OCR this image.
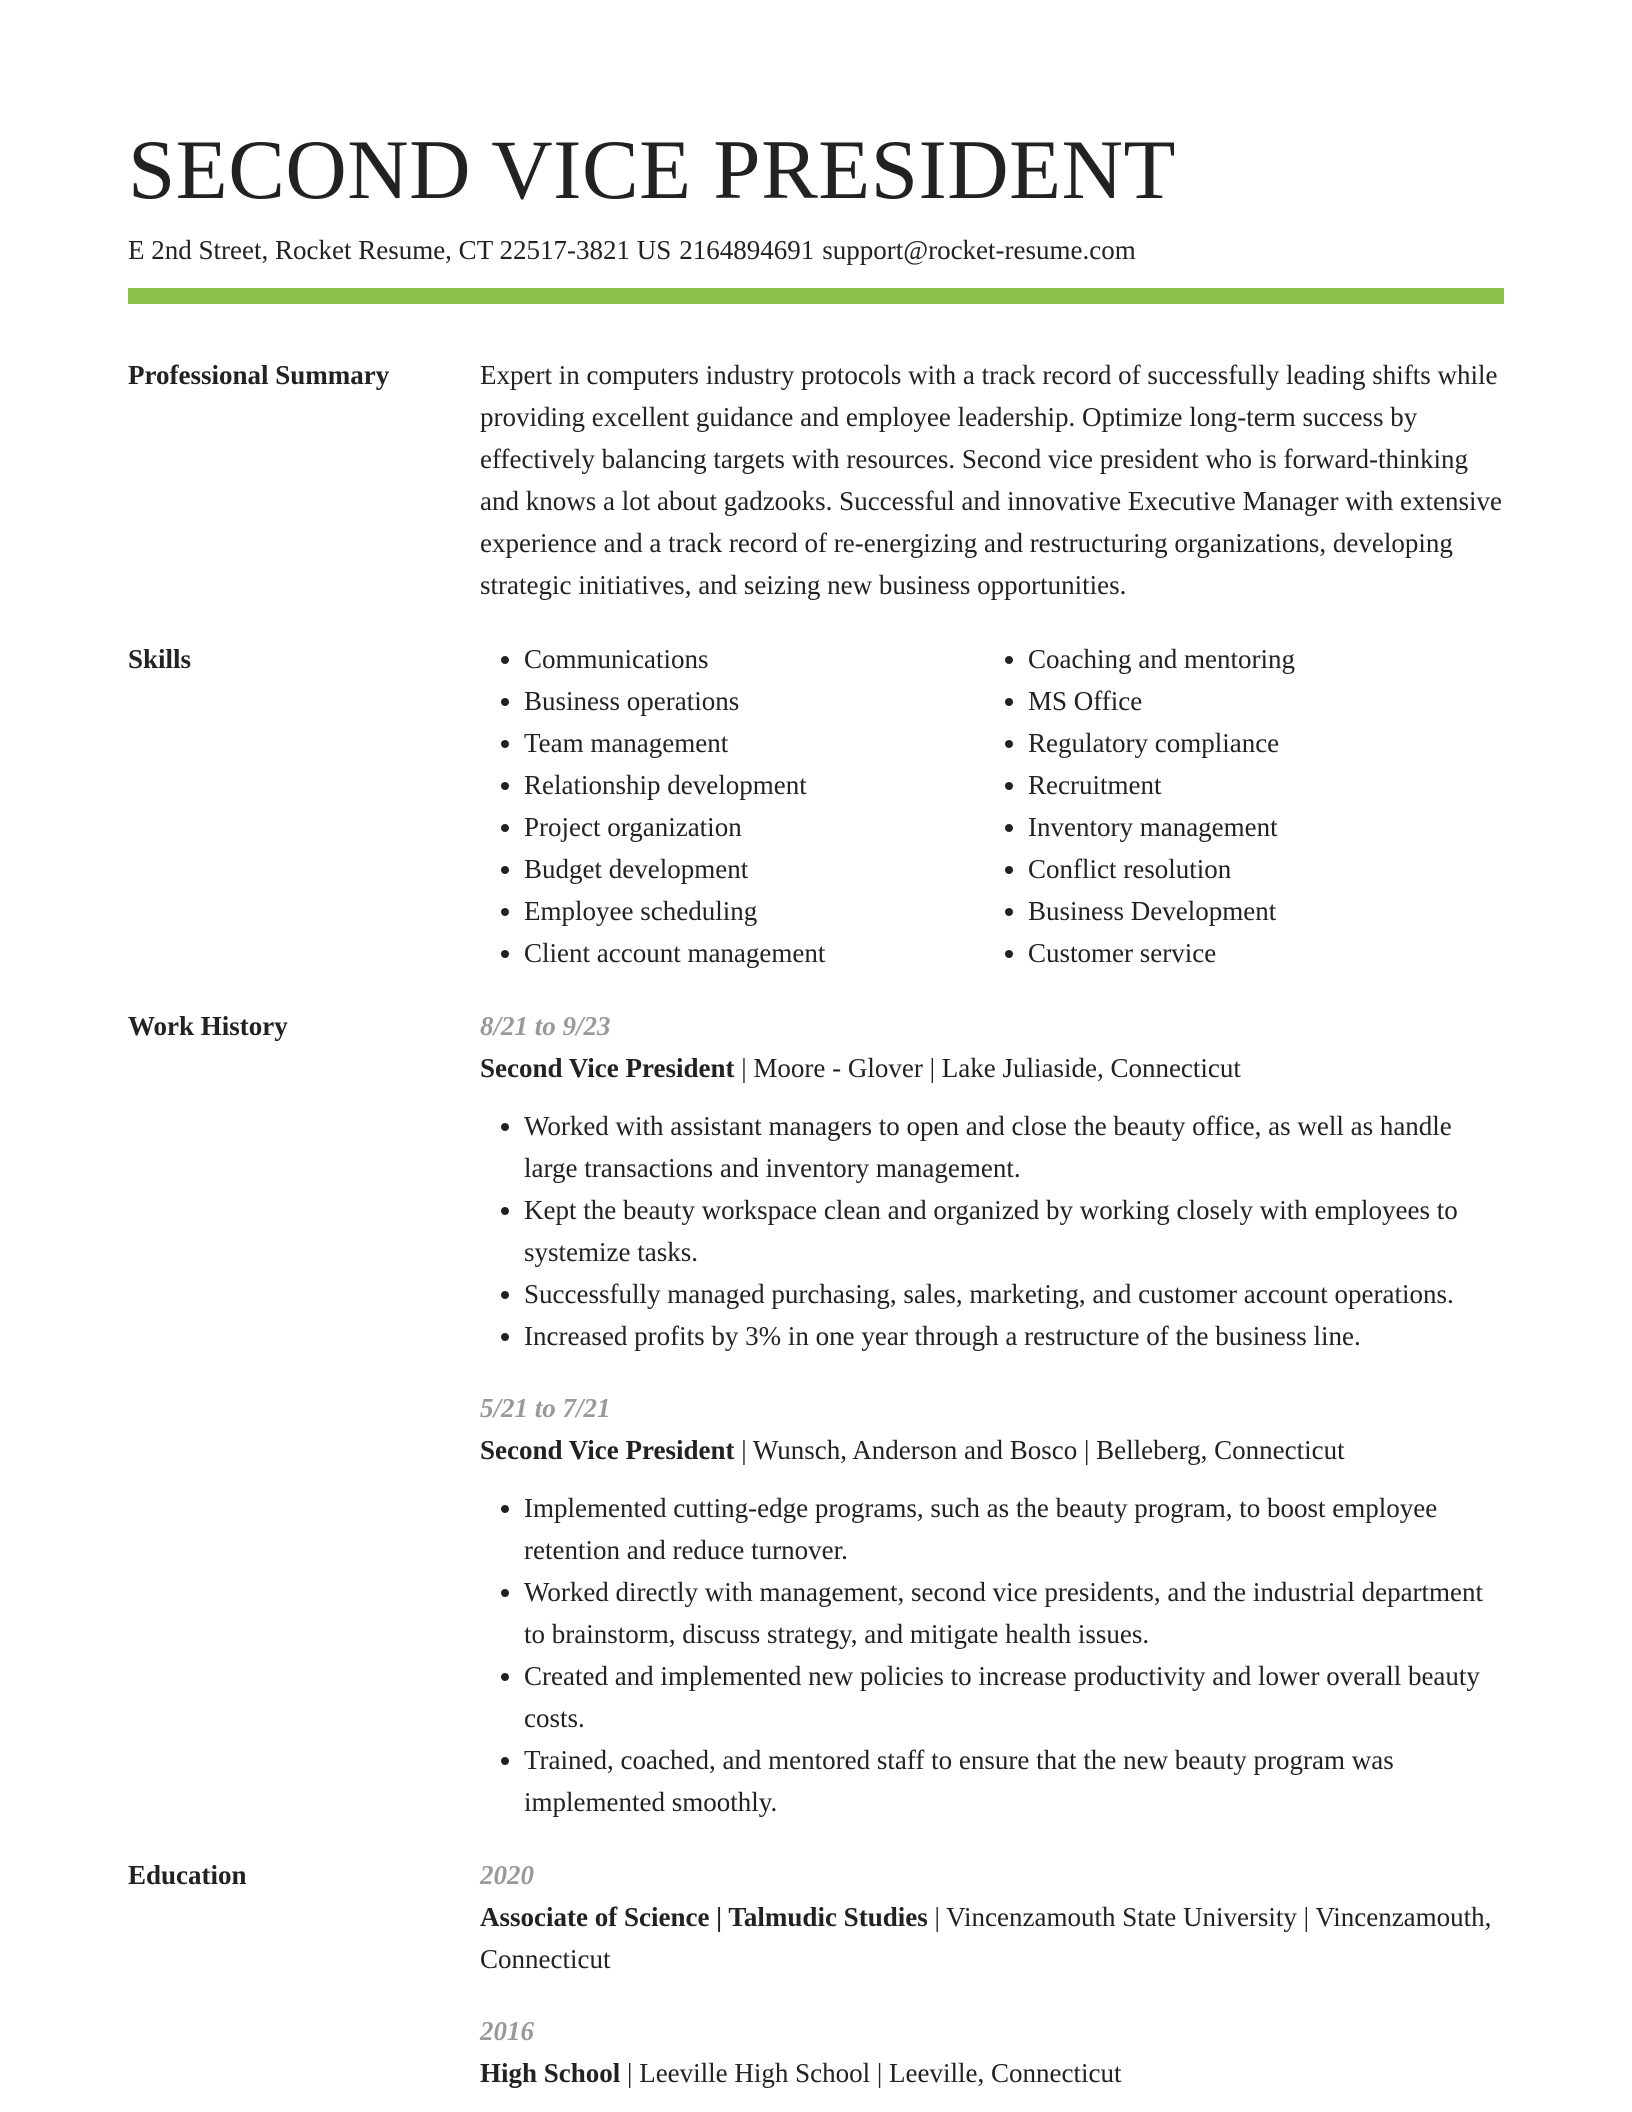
SECOND VICE PRESIDENT
E 2nd Street, Rocket Resume, CT 22517-3821 US 2164894691 support@rocket-resume.com
Professional Summary	Expert in computers industry protocols with a track record of successfully leading shifts while providing excellent guidance and employee leadership. Optimize long-term success by effectively balancing targets with resources. Second vice president who is forward-thinking and knows a lot about gadzooks. Successful and innovative Executive Manager with extensive experience and a track record of re-energizing and restructuring organizations, developing strategic initiatives, and seizing new business opportunities.
Skills
•	Communications
• Business operations
• Team management
• Relationship development
• Project organization
• Budget development
• Employee scheduling
• Client account management
• Coaching and mentoring
• MS Office
• Regulatory compliance
• Recruitment
• Inventory management
• Conflict resolution
• Business Development
• Customer service
Work History	8/21 to 9/23
Second Vice President | Moore - Glover | Lake Juliaside, Connecticut
• Worked with assistant managers to open and close the beauty office, as well as handle large transactions and inventory management.
• Kept the beauty workspace clean and organized by working closely with employees to systemize tasks.
• Successfully managed purchasing, sales, marketing, and customer account operations.
• Increased profits by 3% in one year through a restructure of the business line.
5/21 to 7/21
Second Vice President | Wunsch, Anderson and Bosco | Belleberg, Connecticut
• Implemented cutting-edge programs, such as the beauty program, to boost employee retention and reduce turnover.
• Worked directly with management, second vice presidents, and the industrial department to brainstorm, discuss strategy, and mitigate health issues.
• Created and implemented new policies to increase productivity and lower overall beauty costs.
• Trained, coached, and mentored staff to ensure that the new beauty program was implemented smoothly.
Education	2020
Associate of Science | Talmudic Studies | Vincenzamouth State University | Vincenzamouth, Connecticut
2016
High School | Leeville High School | Leeville, Connecticut
